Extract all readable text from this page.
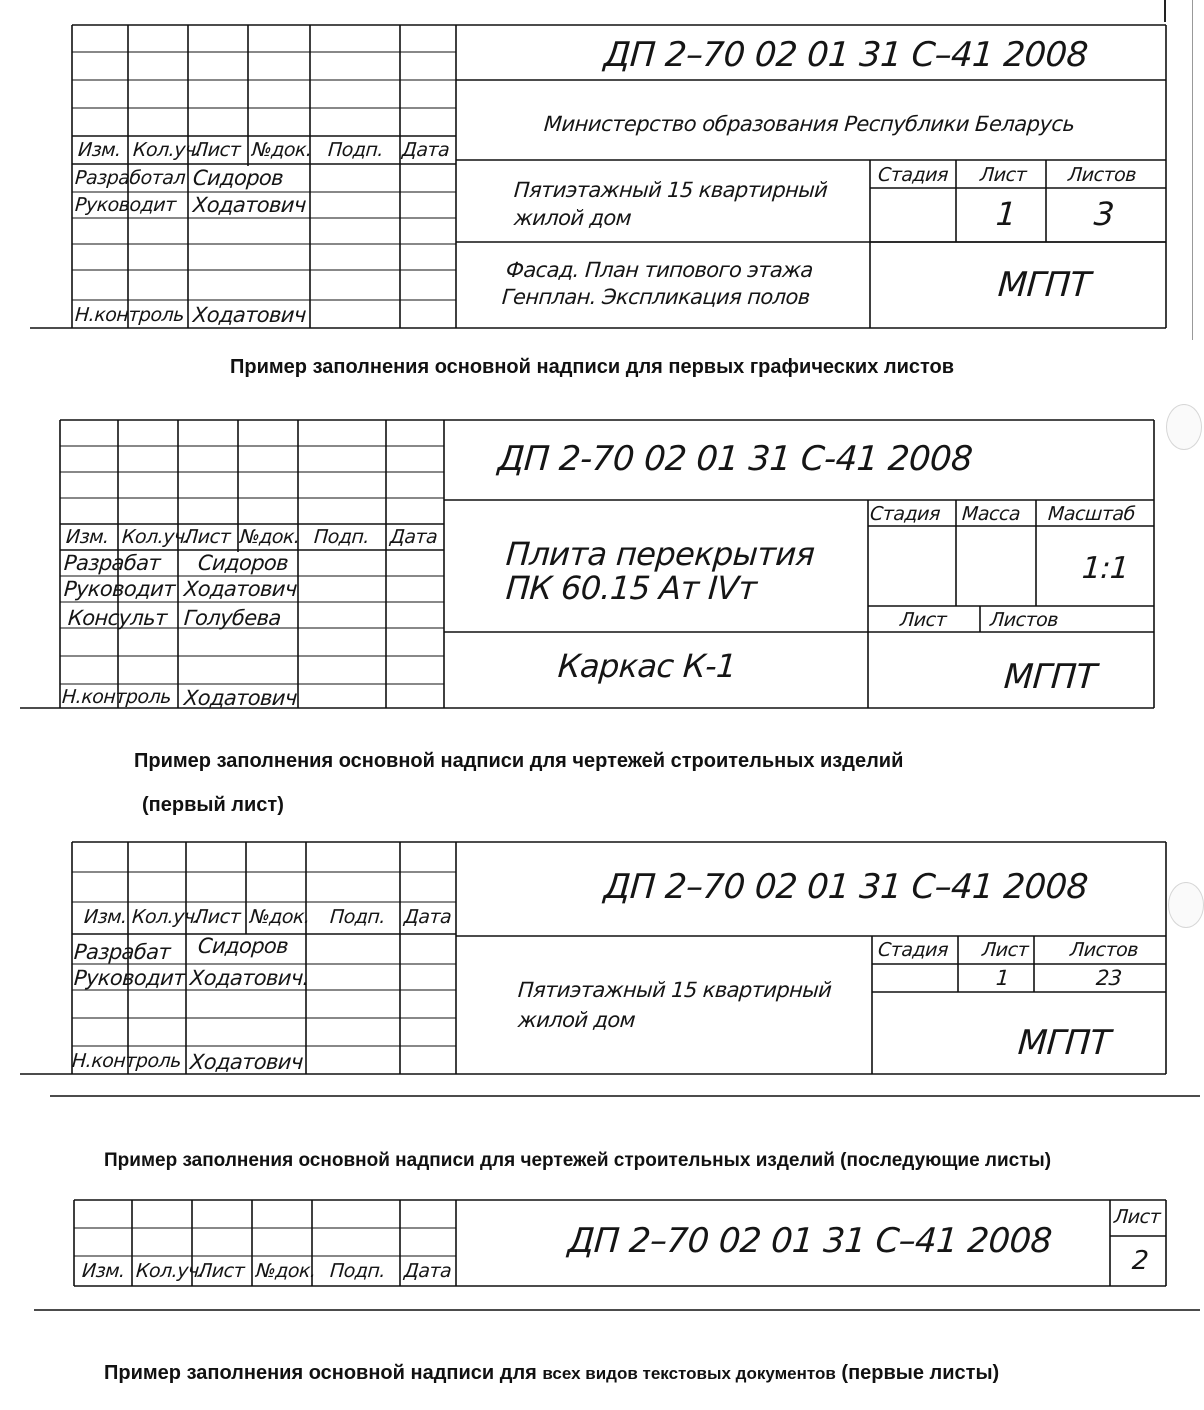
ДП 2–70 02 01 31 С–41 2008
Министерство образования Республики Беларусь
Изм. Кол.уч.
Лист №док. Подп. Дата
Разработал Сидоров
Руководит Ходатович
Н.контроль Ходатович
Пятиэтажный 15 квартирный
жилой дом
Фасад. План типового этажа
Генплан. Экспликация полов
Стадия Лист Листов
1 3
МГПТ
Пример заполнения основной надписи для первых графических листов
ДП 2-70 02 01 31 С-41 2008
Изм. Кол.уч.
Лист №док. Подп. Дата
Разрабат Сидоров
Руководит Ходатович
Консульт Голубева
Н.контроль Ходатович
Плита перекрытия
ПК 60.15 Ат IVт
Стадия Масса Масштаб
1:1
Лист Листов
Каркас К-1	МГПТ
Пример заполнения основной надписи для чертежей строительных изделий
(первый лист)
ДП 2–70 02 01 31 С–41 2008
Изм. Кол.уч.
Лист №док. Подп. Дата
Разрабат Сидоров
Руководит Ходатович.
Н.контроль Ходатович
Пятиэтажный 15 квартирный
жилой дом
Стадия Лист Листов
1	23
МГПТ
Пример заполнения основной надписи для чертежей строительных изделий (последующие листы)
ДП 2–70 02 01 31 С–41 2008
Изм. Кол.уч.
Лист №док. Подп. Дата
Лист
2
Пример заполнения основной надписи для всех видов текстовых документов (первые листы)
